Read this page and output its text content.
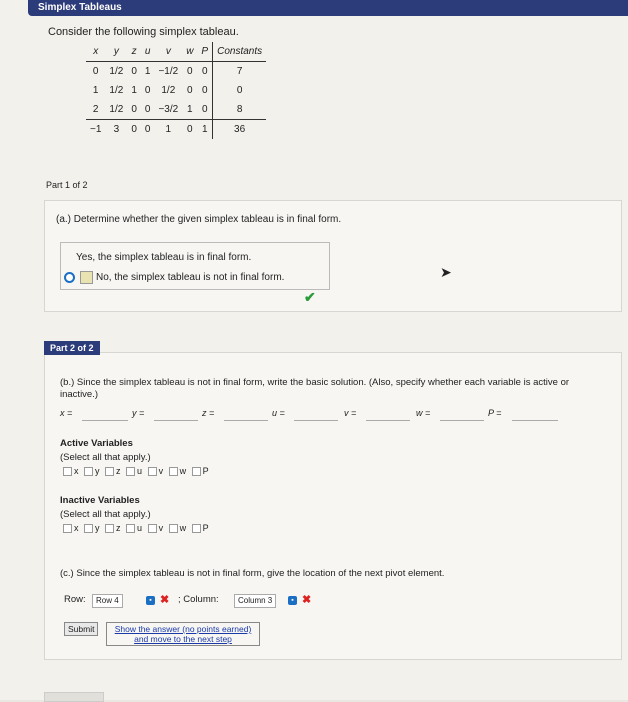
Simplex Tableaus
Consider the following simplex tableau.
x	y	z	u	v	w	P	Constants
0	1/2	0	1	−1/2	0	0	7
1	1/2	1	0	1/2	0	0	0
2	1/2	0	0	−3/2	1	0	8
−1	3	0	0	1	0	1	36
Part 1 of 2
(a.) Determine whether the given simplex tableau is in final form.
Yes, the simplex tableau is in final form.
No, the simplex tableau is not in final form.
✔
➤
Part 2 of 2
(b.) Since the simplex tableau is not in final form, write the basic solution. (Also, specify whether each variable is active or inactive.)
x =	y =	z =	u =	v =	w =	P =
Active Variables
(Select all that apply.)
x y z u v w P
Inactive Variables
(Select all that apply.)
x y z u v w P
(c.) Since the simplex tableau is not in final form, give the location of the next pivot element.
Row:	Row 4	▪ ✖ ; Column:	Column 3	▪ ✖
Submit	Show the answer (no points earned) and move to the next step
